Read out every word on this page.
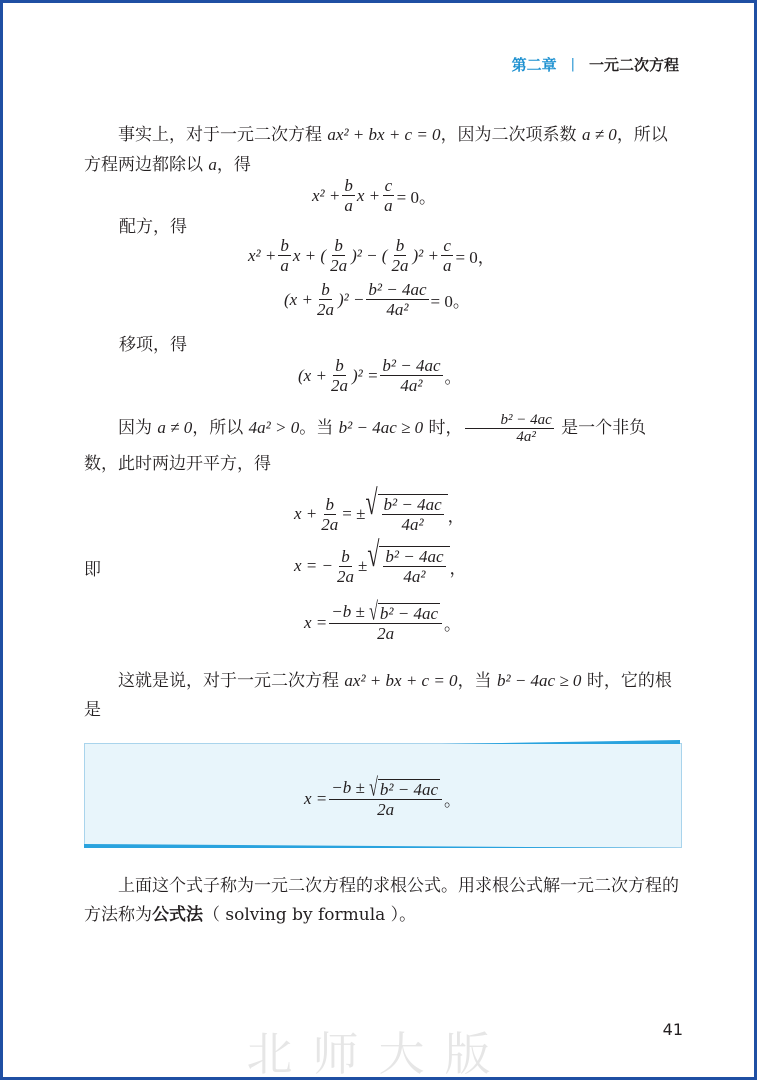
第二章 | 一元二次方程
事实上，对于一元二次方程 ax² + bx + c = 0，因为二次项系数 a ≠ 0，所以方程两边都除以 a，得
$x^2 + \frac{b}{a}$ $x + \frac{c}{a} = 0$。
配方，得
$x^2 + \frac{b}{a}$ x + ( $\frac{b}{2a} )^2$ − ( $\frac{b}{2a} )^2 + \frac{c}{a} = 0$，
$(x + \frac{b}{2a} )^2 - \frac{\text{b² − 4ac}}{\text{4a²}} = 0$。
移项，得
$(x + \frac{b}{2a} )^2 = \frac{\text{b² − 4ac}}{\text{4a²}}$ 。
因为 a ≠ 0，所以 4a² > 0。当 b² − 4ac ≥ 0 时， $\frac{\text{b² − 4ac}}{\text{4a²}}$ 是一个非负数，此时两边开平方，得
$x + \frac{b}{2a}$ = ± √ $\frac{\text{b² − 4ac}}{\text{4a²}}$ ，
即	x = − $\frac{b}{2a}$ ± √ $\frac{\text{b² − 4ac}}{\text{4a²}}$ ，
$x = \frac{\text{−b ± √ b² − 4ac}}{2a}$ 。
这就是说，对于一元二次方程 ax² + bx + c = 0，当 b² − 4ac ≥ 0 时，它的根是
$x = \frac{\text{−b ± √ b² − 4ac}}{2a}$ 。
上面这个式子称为一元二次方程的求根公式。用求根公式解一元二次方程的方法称为公式法（ solving by formula ）。
41
北师大版
